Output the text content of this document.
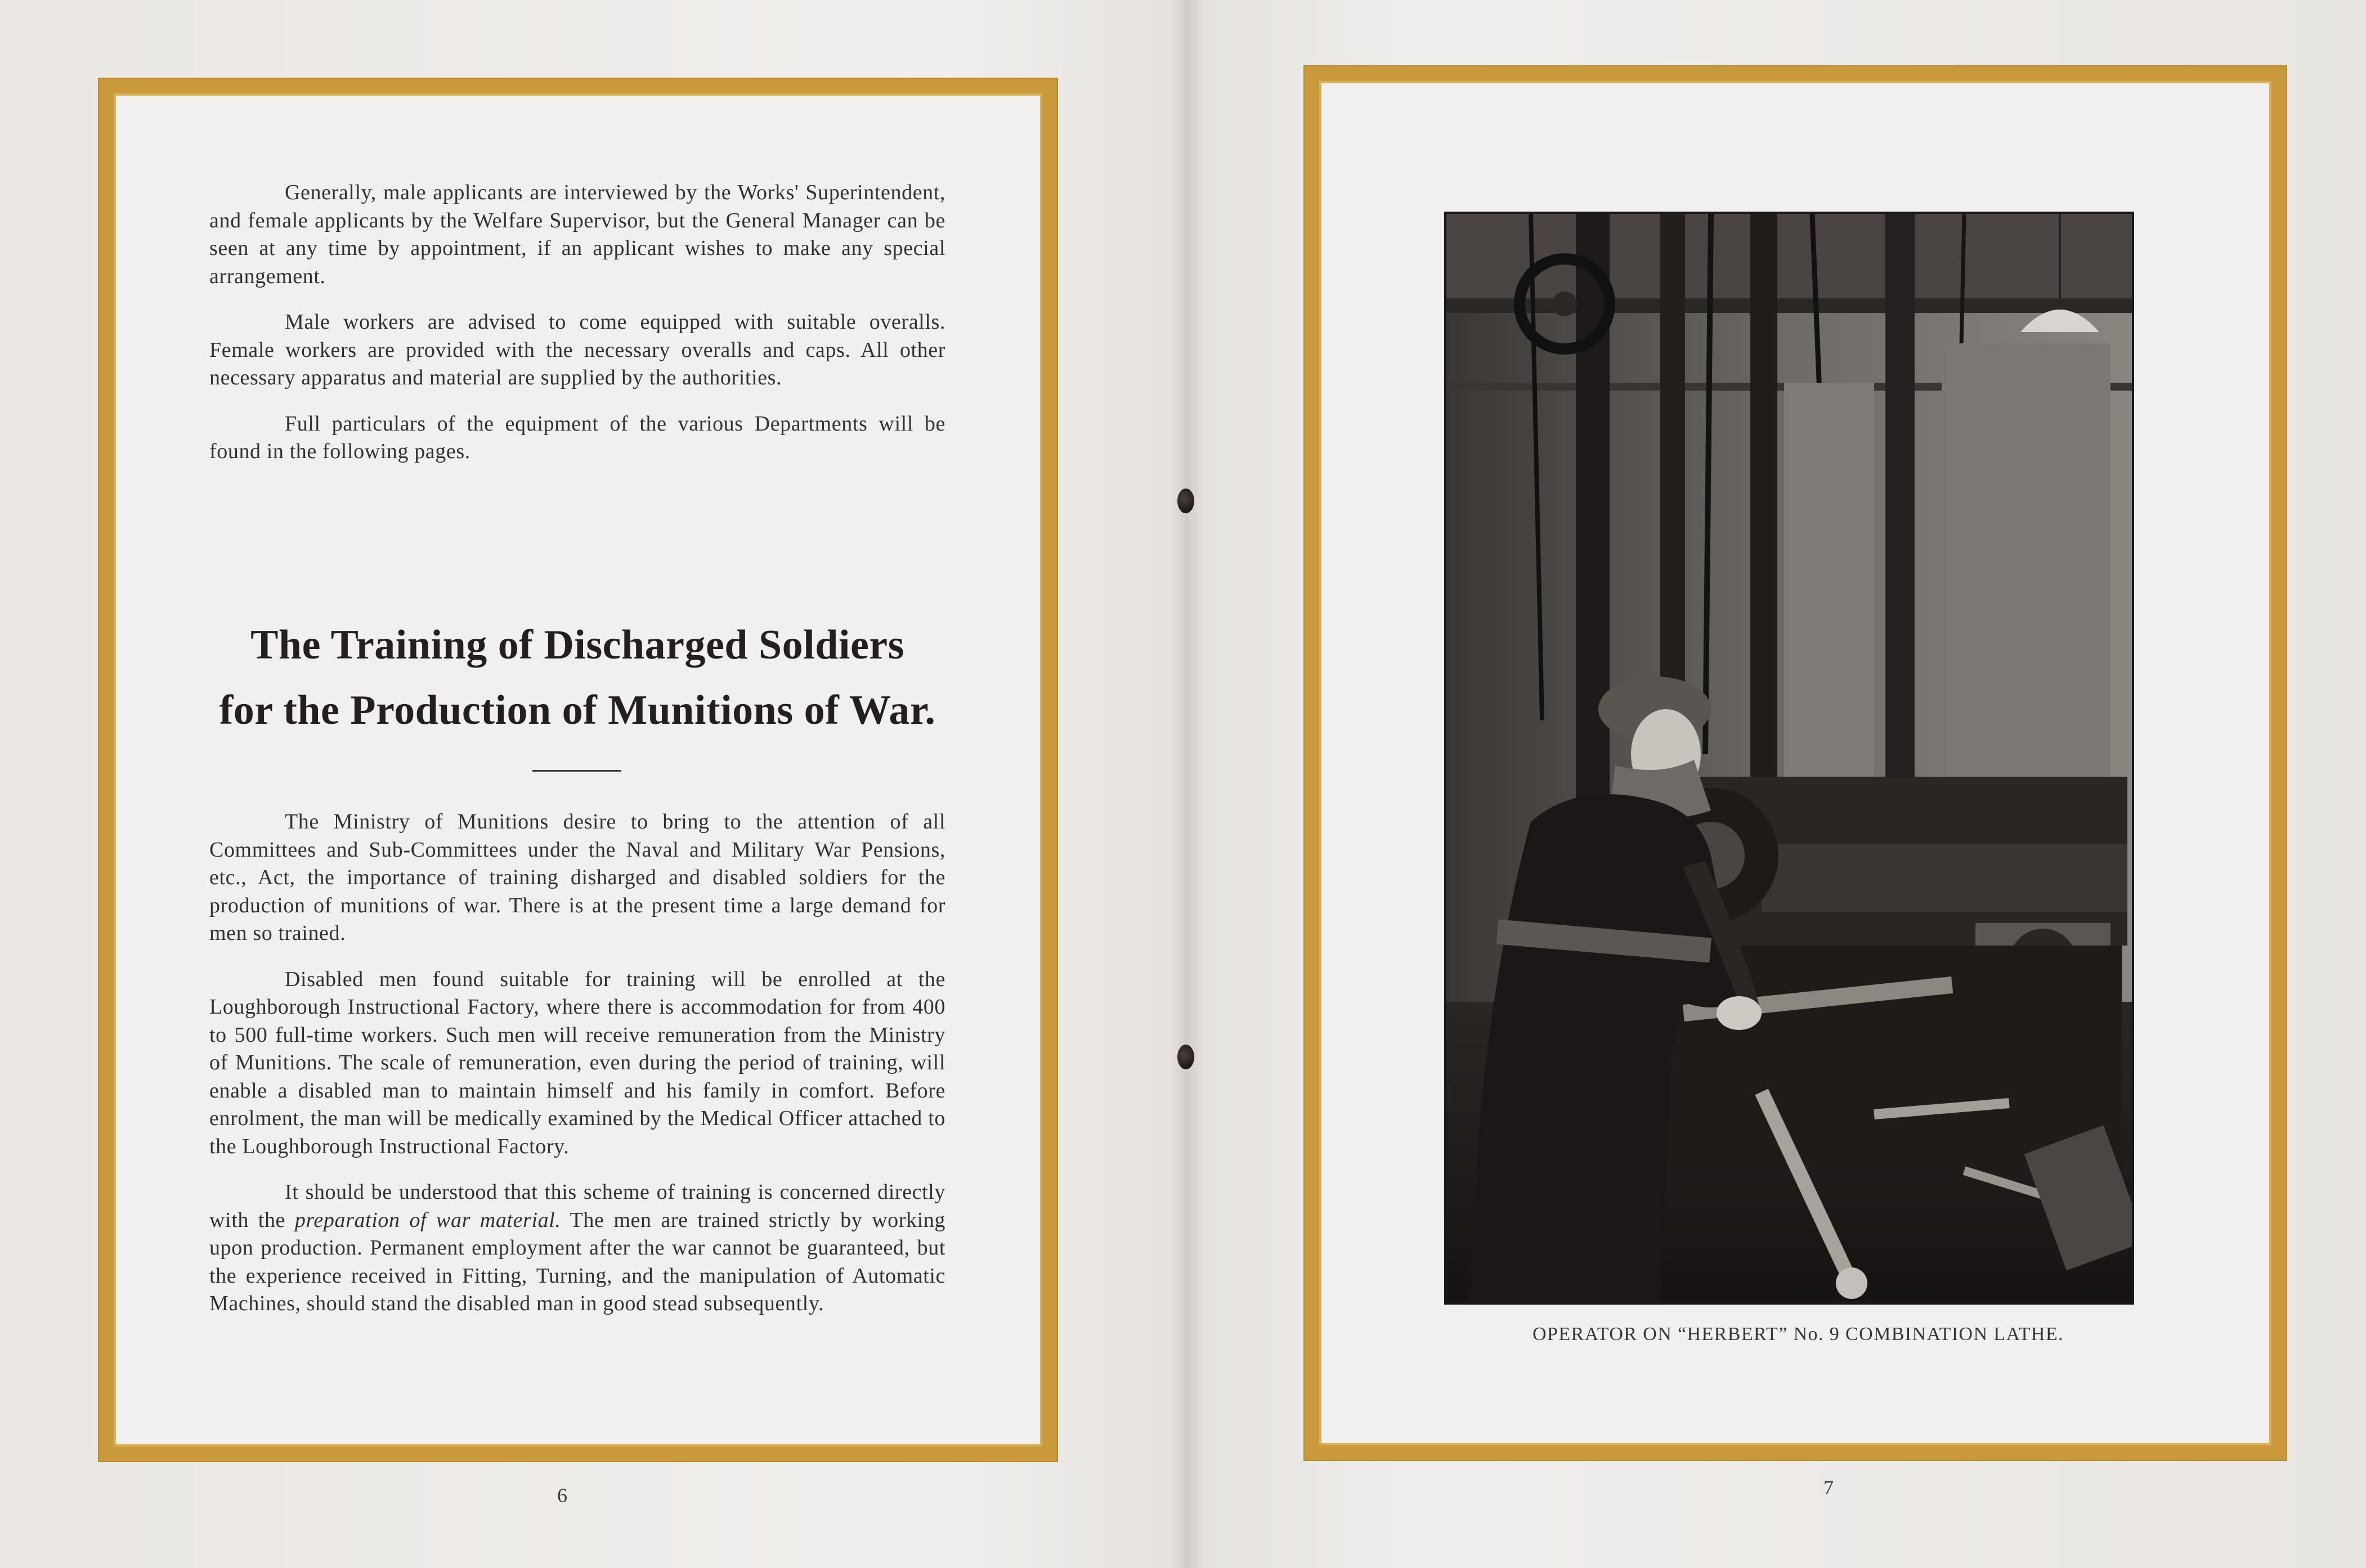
Generally, male applicants are interviewed by the Works' Superintendent, and female applicants by the Welfare Supervisor, but the General Manager can be seen at any time by appointment, if an applicant wishes to make any special arrangement.

Male workers are advised to come equipped with suitable overalls. Female workers are provided with the necessary overalls and caps. All other necessary apparatus and material are supplied by the authorities.

Full particulars of the equipment of the various Departments will be found in the following pages.

The Training of Discharged Soldiers
for the Production of Munitions of War.

The Ministry of Munitions desire to bring to the attention of all Committees and Sub-Committees under the Naval and Military War Pensions, etc., Act, the importance of training disharged and disabled soldiers for the production of munitions of war. There is at the present time a large demand for men so trained.

Disabled men found suitable for training will be enrolled at the Loughborough Instructional Factory, where there is accommodation for from 400 to 500 full-time workers. Such men will receive remuneration from the Ministry of Munitions. The scale of remuneration, even during the period of training, will enable a disabled man to maintain himself and his family in comfort. Before enrolment, the man will be medically examined by the Medical Officer attached to the Loughborough Instructional Factory.

It should be understood that this scheme of training is concerned directly with the preparation of war material. The men are trained strictly by working upon production. Permanent employment after the war cannot be guaranteed, but the experience received in Fitting, Turning, and the manipulation of Automatic Machines, should stand the disabled man in good stead subsequently.

6

OPERATOR ON “HERBERT” No. 9 COMBINATION LATHE.

7
